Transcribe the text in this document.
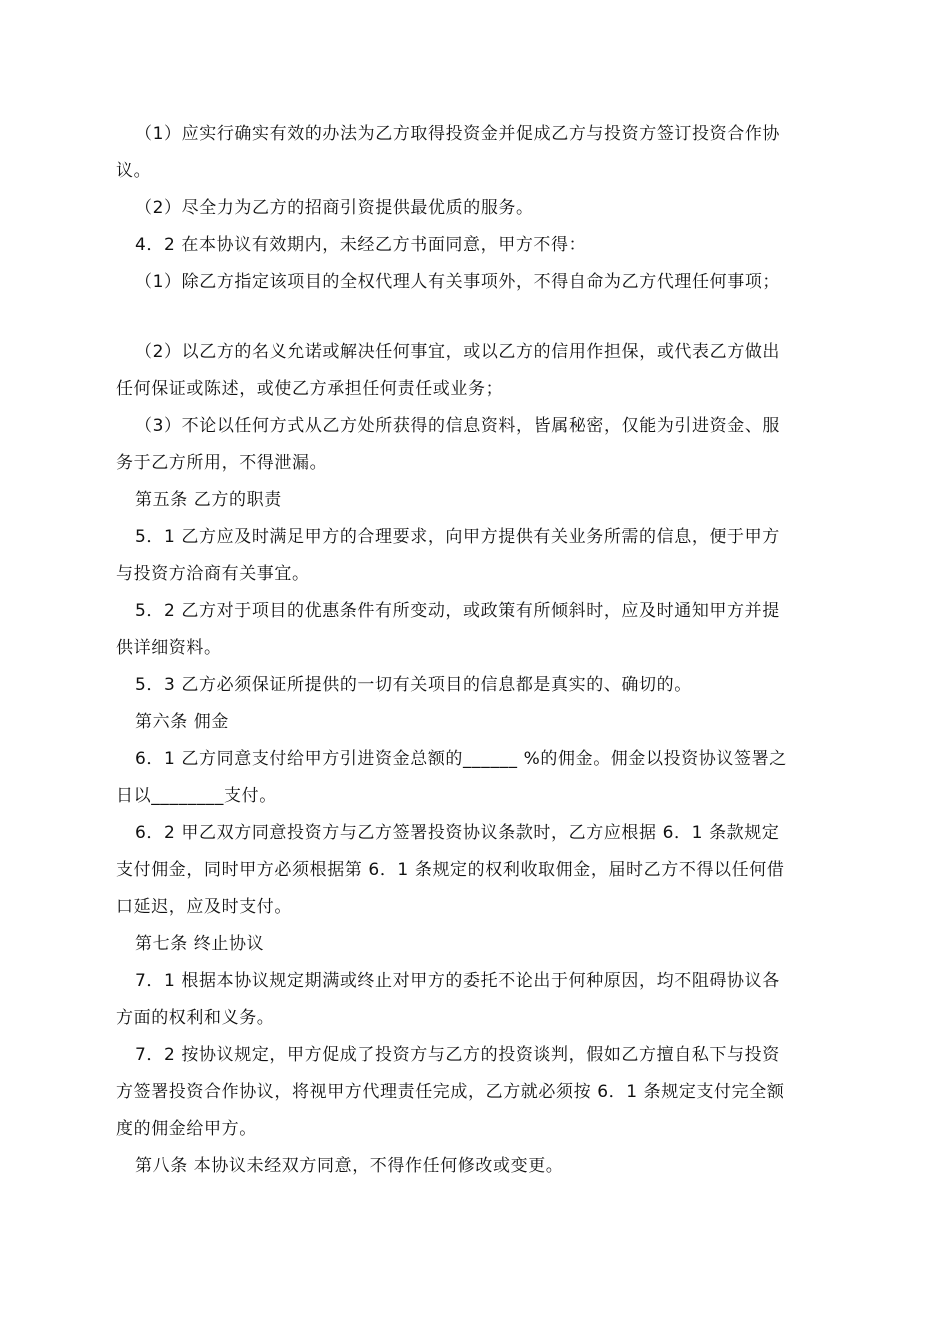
（1）应实行确实有效的办法为乙方取得投资金并促成乙方与投资方签订投资合作协
议。
（2）尽全力为乙方的招商引资提供最优质的服务。
4．2 在本协议有效期内，未经乙方书面同意，甲方不得：
（1）除乙方指定该项目的全权代理人有关事项外，不得自命为乙方代理任何事项；
（2）以乙方的名义允诺或解决任何事宜，或以乙方的信用作担保，或代表乙方做出
任何保证或陈述，或使乙方承担任何责任或业务；
（3）不论以任何方式从乙方处所获得的信息资料，皆属秘密，仅能为引进资金、服
务于乙方所用，不得泄漏。
第五条 乙方的职责
5．1 乙方应及时满足甲方的合理要求，向甲方提供有关业务所需的信息，便于甲方
与投资方洽商有关事宜。
5．2 乙方对于项目的优惠条件有所变动，或政策有所倾斜时，应及时通知甲方并提
供详细资料。
5．3 乙方必须保证所提供的一切有关项目的信息都是真实的、确切的。
第六条 佣金
6．1 乙方同意支付给甲方引进资金总额的______ %的佣金。佣金以投资协议签署之
日以________支付。
6．2 甲乙双方同意投资方与乙方签署投资协议条款时，乙方应根据 6．1 条款规定
支付佣金，同时甲方必须根据第 6．1 条规定的权利收取佣金，届时乙方不得以任何借
口延迟，应及时支付。
第七条 终止协议
7．1 根据本协议规定期满或终止对甲方的委托不论出于何种原因，均不阻碍协议各
方面的权利和义务。
7．2 按协议规定，甲方促成了投资方与乙方的投资谈判，假如乙方擅自私下与投资
方签署投资合作协议，将视甲方代理责任完成，乙方就必须按 6．1 条规定支付完全额
度的佣金给甲方。
第八条 本协议未经双方同意，不得作任何修改或变更。
